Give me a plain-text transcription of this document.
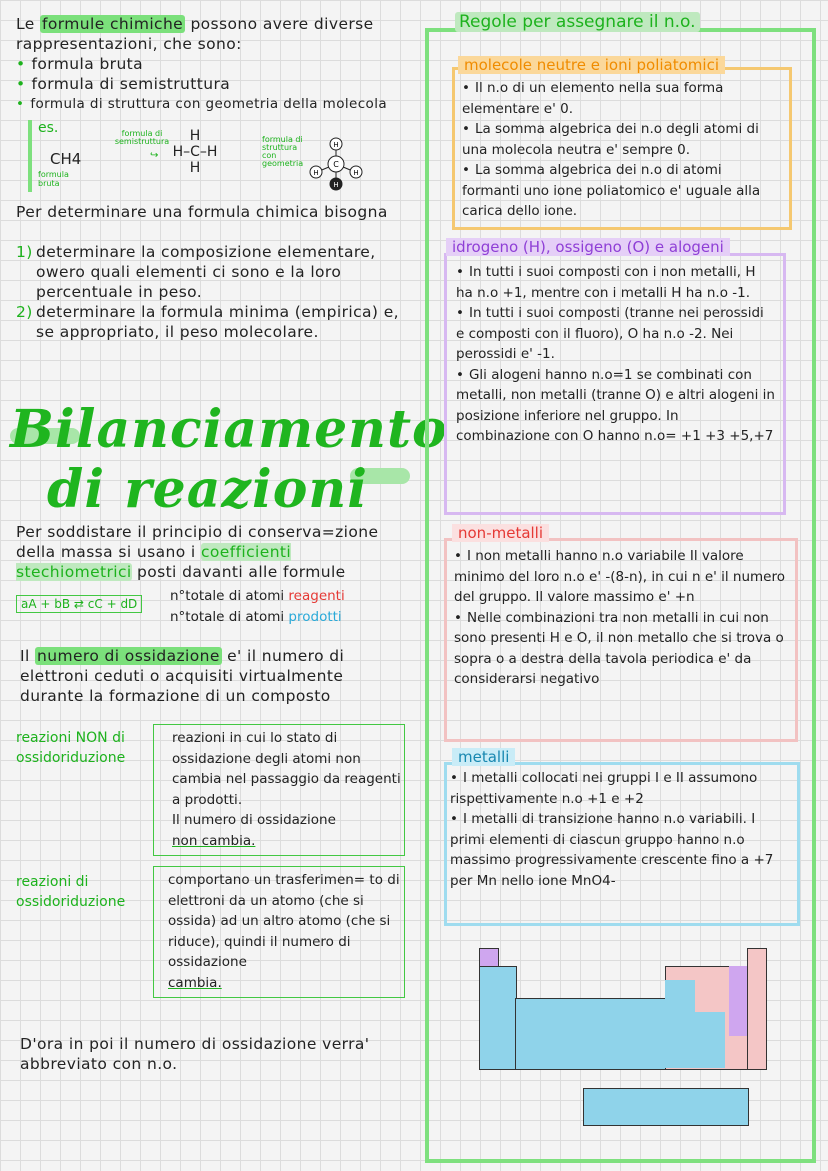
Le formule chimiche possono avere diverse rappresentazioni, che sono:
• formula bruta
• formula di semistruttura
• formula di struttura con geometria della molecola
es.
CH4
formula bruta
formula di semistruttura
↪
H
H–C–H
H
formula di struttura con geometria	C
H
H	H
H
Per determinare una formula chimica bisogna
1) determinare la composizione elementare, owero quali elementi ci sono e la loro percentuale in peso.
2) determinare la formula minima (empirica) e, se appropriato, il peso molecolare.
Bilanciamento
di reazioni
Per soddistare il principio di conserva=zione della massa si usano i coefficienti stechiometrici posti davanti alle formule
aA + bB ⇄ cC + dD	n°totale di atomi reagenti
n°totale di atomi prodotti
Il numero di ossidazione e' il numero di elettroni ceduti o acquisiti virtualmente durante la formazione di un composto
reazioni NON di ossidoriduzione
reazioni in cui lo stato di ossidazione degli atomi non cambia nel passaggio da reagenti a prodotti.
Il numero di ossidazione
non cambia.
reazioni di ossidoriduzione
comportano un trasferimen= to di elettroni da un atomo (che si ossida) ad un altro atomo (che si riduce), quindi il numero di ossidazione
cambia.
D'ora in poi il numero di ossidazione verra' abbreviato con n.o.
Regole per assegnare il n.o.
molecole neutre e ioni poliatomici
• Il n.o di un elemento nella sua forma elementare e' 0.
• La somma algebrica dei n.o degli atomi di una molecola neutra e' sempre 0.
• La somma algebrica dei n.o di atomi formanti uno ione poliatomico e' uguale alla carica dello ione.
idrogeno (H), ossigeno (O) e alogeni
• In tutti i suoi composti con i non metalli, H ha n.o +1, mentre con i metalli H ha n.o -1.
• In tutti i suoi composti (tranne nei perossidi e composti con il fluoro), O ha n.o -2. Nei perossidi e' -1.
• Gli alogeni hanno n.o=1 se combinati con metalli, non metalli (tranne O) e altri alogeni in posizione inferiore nel gruppo. In combinazione con O hanno n.o= +1 +3 +5,+7
non-metalli
• I non metalli hanno n.o variabile Il valore minimo del loro n.o e' -(8-n), in cui n e' il numero del gruppo. Il valore massimo e' +n
• Nelle combinazioni tra non metalli in cui non sono presenti H e O, il non metallo che si trova o sopra o a destra della tavola periodica e' da considerarsi negativo
metalli
• I metalli collocati nei gruppi I e II assumono rispettivamente n.o +1 e +2
• I metalli di transizione hanno n.o variabili. I primi elementi di ciascun gruppo hanno n.o massimo progressivamente crescente fino a +7 per Mn nello ione MnO4-
